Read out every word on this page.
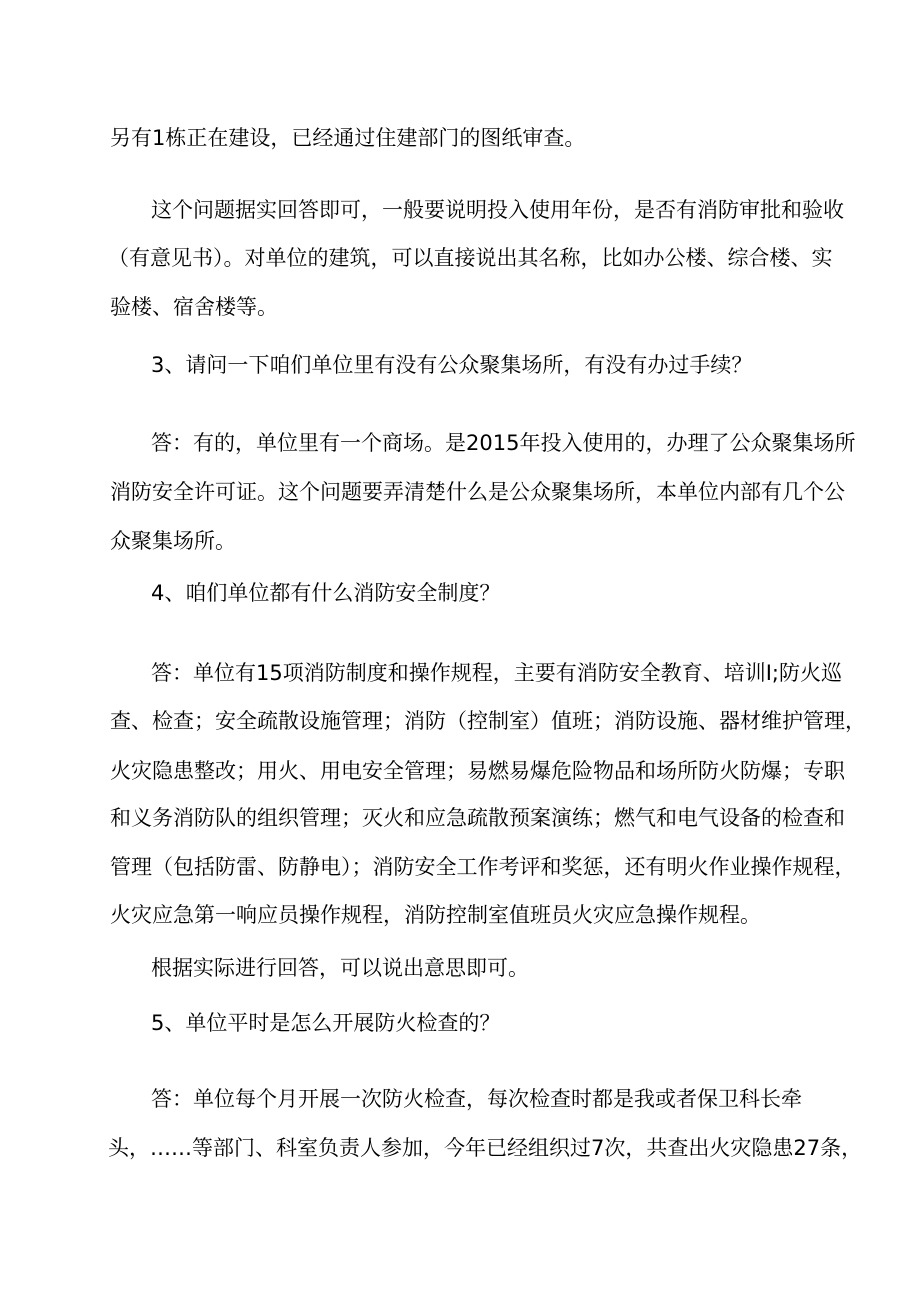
另有1栋正在建设，已经通过住建部门的图纸审查。

这个问题据实回答即可，一般要说明投入使用年份，是否有消防审批和验收

（有意见书）。对单位的建筑，可以直接说出其名称，比如办公楼、综合楼、实

验楼、宿舍楼等。

3、请问一下咱们单位里有没有公众聚集场所，有没有办过手续？

答：有的，单位里有一个商场。是2015年投入使用的，办理了公众聚集场所

消防安全许可证。这个问题要弄清楚什么是公众聚集场所，本单位内部有几个公

众聚集场所。

4、咱们单位都有什么消防安全制度？

答：单位有15项消防制度和操作规程，主要有消防安全教育、培训I;防火巡

查、检查；安全疏散设施管理；消防（控制室）值班；消防设施、器材维护管理，

火灾隐患整改；用火、用电安全管理；易燃易爆危险物品和场所防火防爆；专职

和义务消防队的组织管理；灭火和应急疏散预案演练；燃气和电气设备的检查和

管理（包括防雷、防静电）；消防安全工作考评和奖惩，还有明火作业操作规程，

火灾应急第一响应员操作规程，消防控制室值班员火灾应急操作规程。

根据实际进行回答，可以说出意思即可。

5、单位平时是怎么开展防火检查的？

答：单位每个月开展一次防火检查，每次检查时都是我或者保卫科长牵

头，……等部门、科室负责人参加，今年已经组织过7次，共查出火灾隐患27条，
